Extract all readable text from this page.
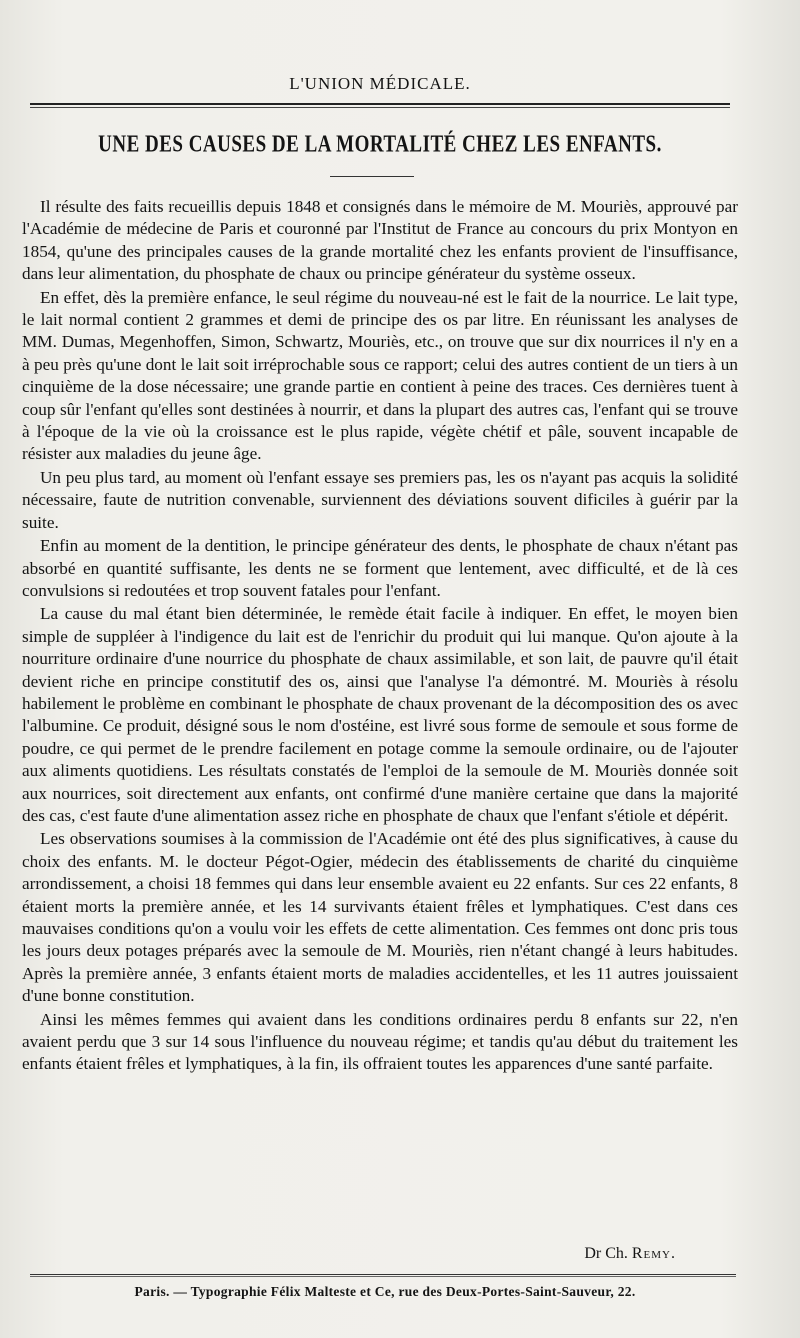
L'UNION MÉDICALE.
UNE DES CAUSES DE LA MORTALITÉ CHEZ LES ENFANTS.

Il résulte des faits recueillis depuis 1848 et consignés dans le mémoire de M. Mouriès, approuvé par l'Académie de médecine de Paris et couronné par l'Institut de France au concours du prix Montyon en 1854, qu'une des principales causes de la grande mortalité chez les enfants provient de l'insuffisance, dans leur alimentation, du phosphate de chaux ou principe générateur du système osseux.

En effet, dès la première enfance, le seul régime du nouveau-né est le fait de la nourrice. Le lait type, le lait normal contient 2 grammes et demi de principe des os par litre. En réunissant les analyses de MM. Dumas, Megenhoffen, Simon, Schwartz, Mouriès, etc., on trouve que sur dix nourrices il n'y en a à peu près qu'une dont le lait soit irréprochable sous ce rapport; celui des autres contient de un tiers à un cinquième de la dose nécessaire; une grande partie en contient à peine des traces. Ces dernières tuent à coup sûr l'enfant qu'elles sont destinées à nourrir, et dans la plupart des autres cas, l'enfant qui se trouve à l'époque de la vie où la croissance est le plus rapide, végète chétif et pâle, souvent incapable de résister aux maladies du jeune âge.

Un peu plus tard, au moment où l'enfant essaye ses premiers pas, les os n'ayant pas acquis la solidité nécessaire, faute de nutrition convenable, surviennent des déviations souvent dificiles à guérir par la suite.

Enfin au moment de la dentition, le principe générateur des dents, le phosphate de chaux n'étant pas absorbé en quantité suffisante, les dents ne se forment que lentement, avec difficulté, et de là ces convulsions si redoutées et trop souvent fatales pour l'enfant.

La cause du mal étant bien déterminée, le remède était facile à indiquer. En effet, le moyen bien simple de suppléer à l'indigence du lait est de l'enrichir du produit qui lui manque. Qu'on ajoute à la nourriture ordinaire d'une nourrice du phosphate de chaux assimilable, et son lait, de pauvre qu'il était devient riche en principe constitutif des os, ainsi que l'analyse l'a démontré. M. Mouriès à résolu habilement le problème en combinant le phosphate de chaux provenant de la décomposition des os avec l'albumine. Ce produit, désigné sous le nom d'ostéine, est livré sous forme de semoule et sous forme de poudre, ce qui permet de le prendre facilement en potage comme la semoule ordinaire, ou de l'ajouter aux aliments quotidiens. Les résultats constatés de l'emploi de la semoule de M. Mouriès donnée soit aux nourrices, soit directement aux enfants, ont confirmé d'une manière certaine que dans la majorité des cas, c'est faute d'une alimentation assez riche en phosphate de chaux que l'enfant s'étiole et dépérit.

Les observations soumises à la commission de l'Académie ont été des plus significatives, à cause du choix des enfants. M. le docteur Pégot-Ogier, médecin des établissements de charité du cinquième arrondissement, a choisi 18 femmes qui dans leur ensemble avaient eu 22 enfants. Sur ces 22 enfants, 8 étaient morts la première année, et les 14 survivants étaient frêles et lymphatiques. C'est dans ces mauvaises conditions qu'on a voulu voir les effets de cette alimentation. Ces femmes ont donc pris tous les jours deux potages préparés avec la semoule de M. Mouriès, rien n'étant changé à leurs habitudes. Après la première année, 3 enfants étaient morts de maladies accidentelles, et les 11 autres jouissaient d'une bonne constitution.

Ainsi les mêmes femmes qui avaient dans les conditions ordinaires perdu 8 enfants sur 22, n'en avaient perdu que 3 sur 14 sous l'influence du nouveau régime; et tandis qu'au début du traitement les enfants étaient frêles et lymphatiques, à la fin, ils offraient toutes les apparences d'une santé parfaite.

Dr Ch. Remy.
Paris. — Typographie Félix Malteste et Ce, rue des Deux-Portes-Saint-Sauveur, 22.
